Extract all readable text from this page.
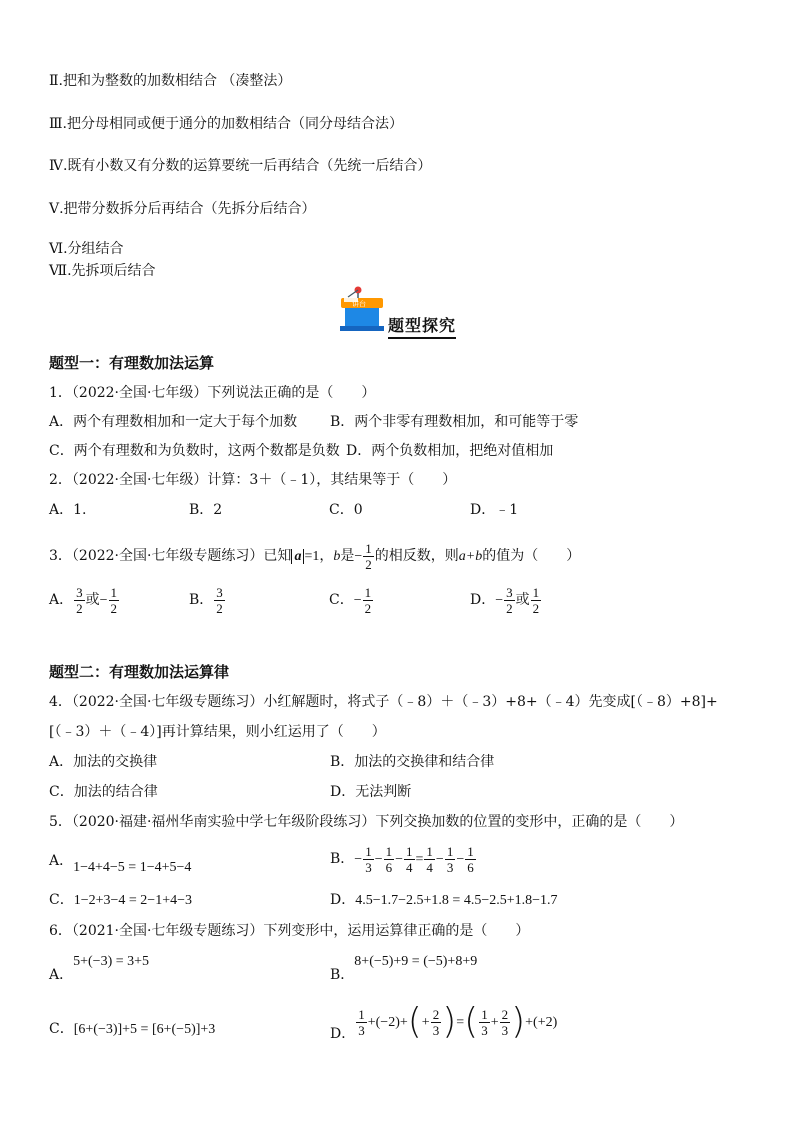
Ⅱ.把和为整数的加数相结合 （凑整法）
Ⅲ.把分母相同或便于通分的加数相结合（同分母结合法）
Ⅳ.既有小数又有分数的运算要统一后再结合（先统一后结合）
Ⅴ.把带分数拆分后再结合（先拆分后结合）
Ⅵ.分组结合
Ⅶ.先拆项后结合
讲台
题型探究
题型一：有理数加法运算
1．（2022·全国·七年级）下列说法正确的是（　　）
A．两个有理数相加和一定大于每个加数 B．两个非零有理数相加，和可能等于零
C．两个有理数和为负数时，这两个数都是负数 D．两个负数相加，把绝对值相加
2．（2022·全国·七年级）计算：3＋（﹣1），其结果等于（　　）
A．1.	B．2	C．0	D．﹣1
3．（2022·全国·七年级专题练习）已知 a =1，b是− $\frac{1}{2}$ 的相反数，则a+b的值为（　　）
A． $\frac{3}{2}$ 或− $\frac{1}{2}$	B． $\frac{3}{2}$	C．− $\frac{1}{2}$	D．− $\frac{3}{2}$ 或 $\frac{1}{2}$
题型二：有理数加法运算律
4．（2022·全国·七年级专题练习）小红解题时，将式子（﹣8）＋（﹣3）+8+（﹣4）先变成[（﹣8）+8]+
[（﹣3）＋（﹣4）]再计算结果，则小红运用了（　　）
A．加法的交换律	B．加法的交换律和结合律
C．加法的结合律	D．无法判断
5．（2020·福建·福州华南实验中学七年级阶段练习）下列交换加数的位置的变形中，正确的是（　　）
A．1−4+4−5 = 1−4+5−4
B．− $\frac{1}{3} - \frac{1}{6} - \frac{1}{4} = \frac{1}{4} - \frac{1}{3} - \frac{1}{6}$
C．1−2+3−4 = 2−1+4−3	D．4.5−1.7−2.5+1.8 = 4.5−2.5+1.8−1.7
6．（2021·全国·七年级专题练习）下列变形中，运用运算律正确的是（　　）
A．5+(−3) = 3+5
B．8+(−5)+9 = (−5)+8+9
C．[6+(−3)]+5 = [6+(−5)]+3	D． $\frac{1}{3} +(-2)+(+ \frac{2}{3}$ )=( $\frac{1}{3} + \frac{2}{3} )+(+2)$
